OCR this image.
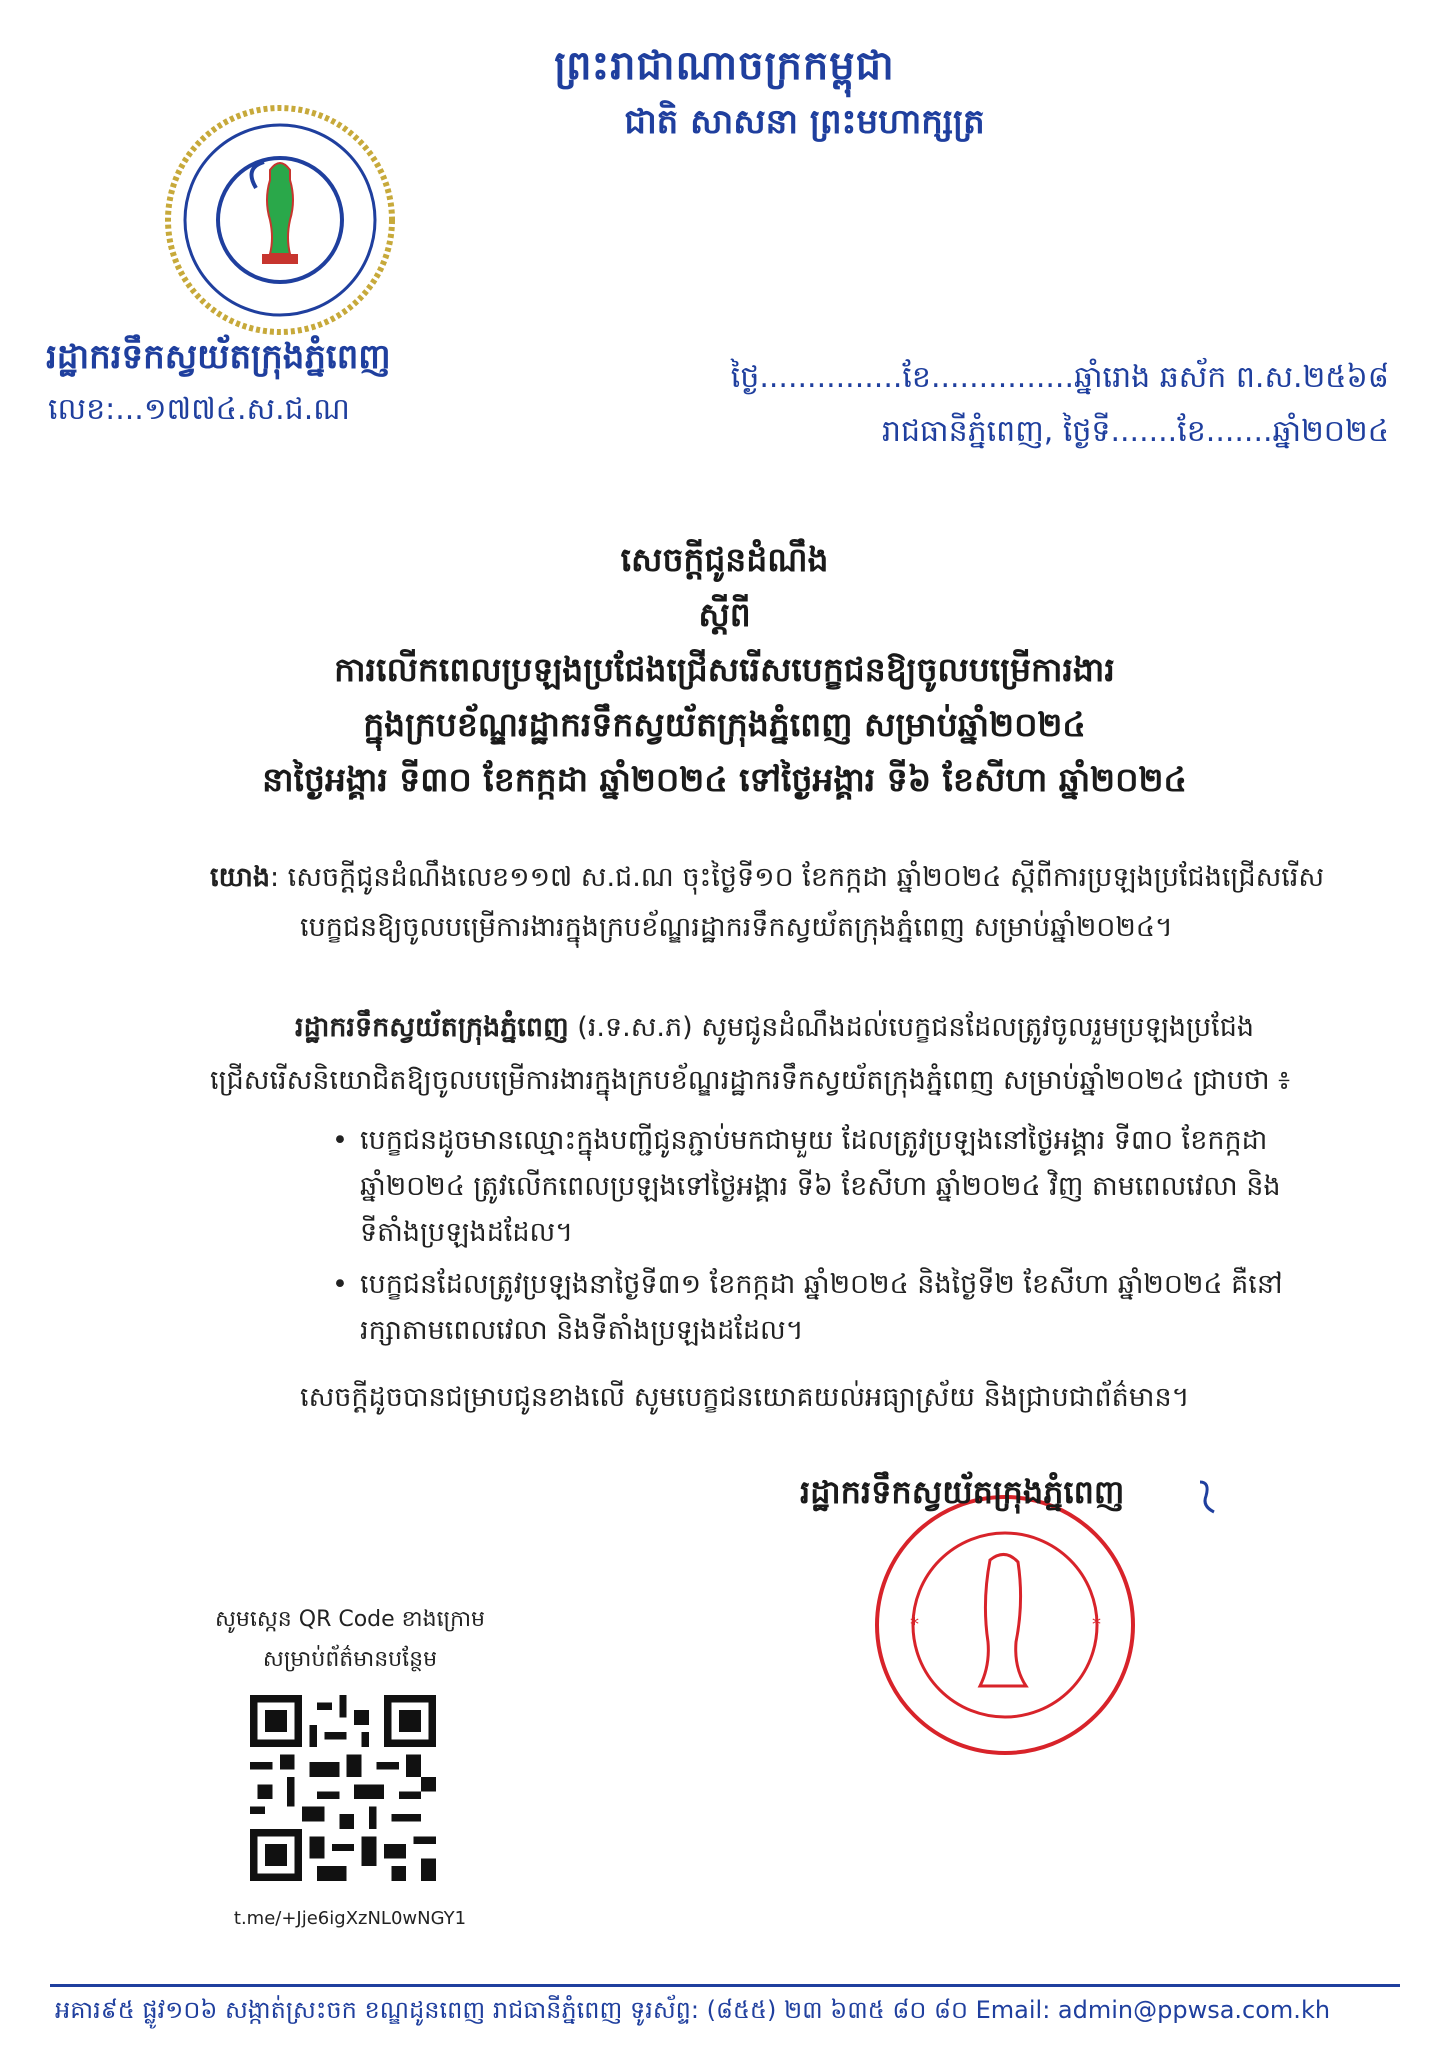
ព្រះរាជាណាចក្រកម្ពុជា
ជាតិ សាសនា ព្រះមហាក្សត្រ
រដ្ឋាករទឹកស្វយ័តក្រុងភ្នំពេញ
លេខ:...១៧៧៤.ស.ជ.ណ
ថ្ងៃ...............ខែ...............ឆ្នាំរោង ឆស័ក ព.ស.២៥៦៨
រាជធានីភ្នំពេញ, ថ្ងៃទី.......ខែ.......ឆ្នាំ២០២៤
សេចក្តីជូនដំណឹង
ស្តីពី
ការលើកពេលប្រឡងប្រជែងជ្រើសរើសបេក្ខជនឱ្យចូលបម្រើការងារ
ក្នុងក្របខ័ណ្ឌរដ្ឋាករទឹកស្វយ័តក្រុងភ្នំពេញ សម្រាប់ឆ្នាំ២០២៤
នាថ្ងៃអង្គារ ទី៣០ ខែកក្កដា ឆ្នាំ២០២៤ ទៅថ្ងៃអង្គារ ទី៦ ខែសីហា ឆ្នាំ២០២៤
យោង: សេចក្តីជូនដំណឹងលេខ១១៧ ស.ជ.ណ ចុះថ្ងៃទី១០ ខែកក្កដា ឆ្នាំ២០២៤ ស្តីពីការប្រឡងប្រជែងជ្រើសរើស
បេក្ខជនឱ្យចូលបម្រើការងារក្នុងក្របខ័ណ្ឌរដ្ឋាករទឹកស្វយ័តក្រុងភ្នំពេញ សម្រាប់ឆ្នាំ២០២៤។
រដ្ឋាករទឹកស្វយ័តក្រុងភ្នំពេញ (រ.ទ.ស.ភ) សូមជូនដំណឹងដល់បេក្ខជនដែលត្រូវចូលរួមប្រឡងប្រជែង
ជ្រើសរើសនិយោជិតឱ្យចូលបម្រើការងារក្នុងក្របខ័ណ្ឌរដ្ឋាករទឹកស្វយ័តក្រុងភ្នំពេញ សម្រាប់ឆ្នាំ២០២៤ ជ្រាបថា ៖
• បេក្ខជនដូចមានឈ្មោះក្នុងបញ្ជីជូនភ្ជាប់មកជាមួយ ដែលត្រូវប្រឡងនៅថ្ងៃអង្គារ ទី៣០ ខែកក្កដា
ឆ្នាំ២០២៤ ត្រូវលើកពេលប្រឡងទៅថ្ងៃអង្គារ ទី៦ ខែសីហា ឆ្នាំ២០២៤ វិញ តាមពេលវេលា និង
ទីតាំងប្រឡងដដែល។
• បេក្ខជនដែលត្រូវប្រឡងនាថ្ងៃទី៣១ ខែកក្កដា ឆ្នាំ២០២៤ និងថ្ងៃទី២ ខែសីហា ឆ្នាំ២០២៤ គឺនៅ
រក្សាតាមពេលវេលា និងទីតាំងប្រឡងដដែល។
សេចក្តីដូចបានជម្រាបជូនខាងលើ សូមបេក្ខជនយោគយល់អធ្យាស្រ័យ និងជ្រាបជាព័ត៌មាន។
*	*
រដ្ឋាករទឹកស្វយ័តក្រុងភ្នំពេញ
សូមស្កេន QR Code ខាងក្រោម
សម្រាប់ព័ត៌មានបន្ថែម
t.me/+Jje6igXzNL0wNGY1
អគារ៩៥ ផ្លូវ១០៦ សង្កាត់ស្រះចក ខណ្ឌដូនពេញ រាជធានីភ្នំពេញ ទូរស័ព្ទ: (៨៥៥) ២៣ ៦៣៥ ៨០ ៨០ Email: admin@ppwsa.com.kh
